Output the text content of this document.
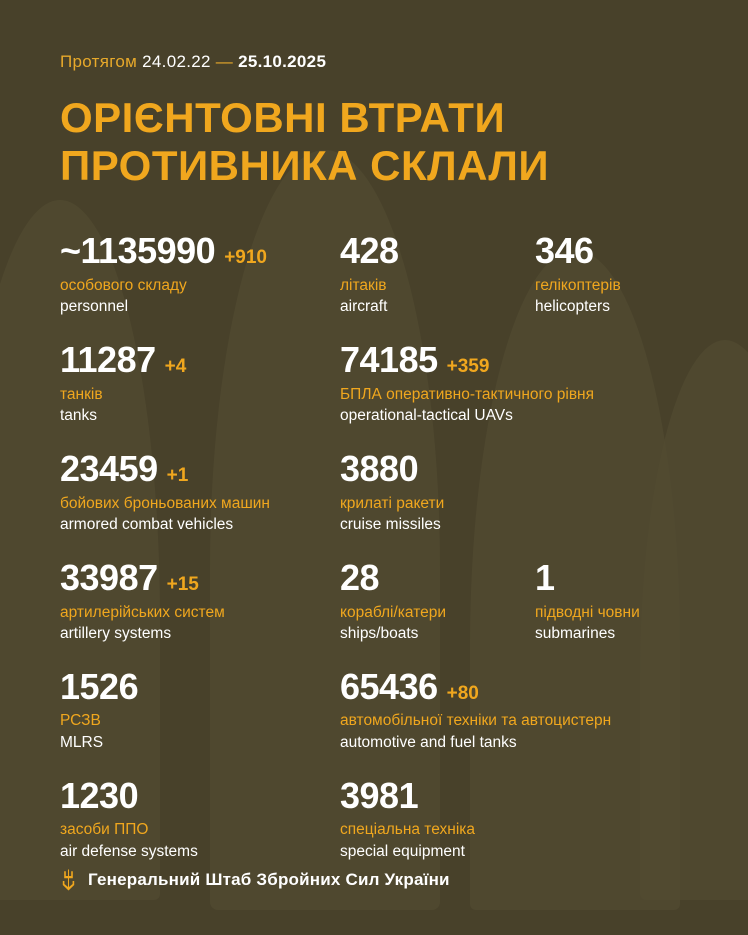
Протягом 24.02.22 — 25.10.2025
ОРІЄНТОВНІ ВТРАТИ
ПРОТИВНИКА СКЛАЛИ
~1135990 +910
особового складу
personnel
428
літаків
aircraft
346
гелікоптерів
helicopters
11287 +4
танків
tanks
74185 +359
БПЛА оперативно-тактичного рівня
operational-tactical UAVs
23459 +1
бойових броньованих машин
armored combat vehicles
3880
крилаті ракети
cruise missiles
33987 +15
артилерійських систем
artillery systems
28
кораблі/катери
ships/boats
1
підводні човни
submarines
1526
РСЗВ
MLRS
65436 +80
автомобільної техніки та автоцистерн
automotive and fuel tanks
1230
засоби ППО
air defense systems
3981
спеціальна техніка
special equipment
Генеральний Штаб Збройних Сил України
